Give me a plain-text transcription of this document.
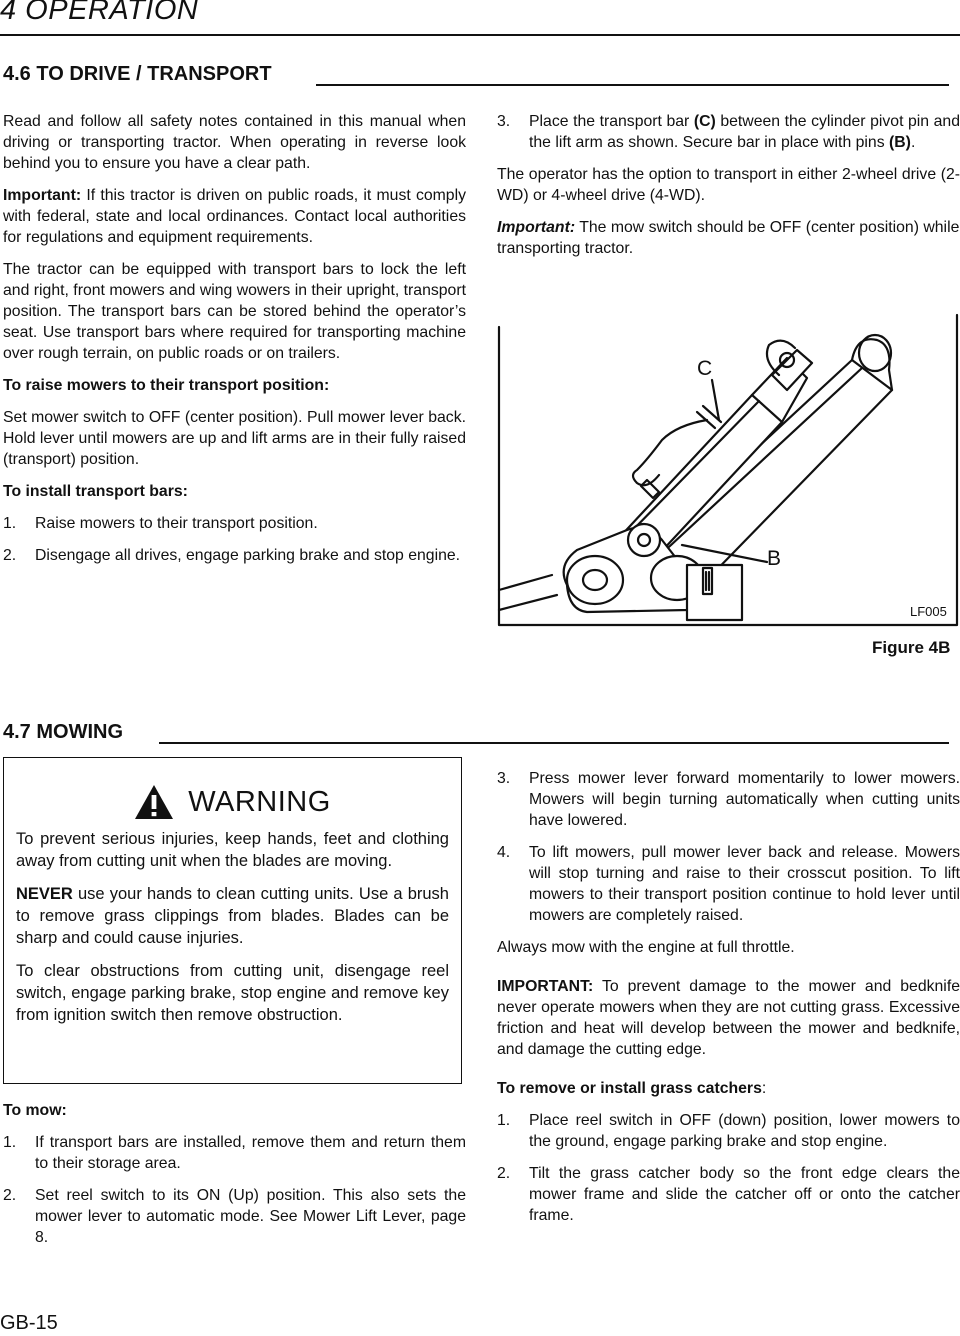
4 OPERATION
4.6 TO DRIVE / TRANSPORT

Read and follow all safety notes contained in this manual when driving or transporting tractor. When operating in reverse look behind you to ensure you have a clear path.

Important: If this tractor is driven on public roads, it must comply with federal, state and local ordinances. Contact local authorities for regulations and equipment requirements.

The tractor can be equipped with transport bars to lock the left and right, front mowers and wing wowers in their upright, transport position. The transport bars can be stored behind the operator’s seat. Use transport bars where required for transporting machine over rough terrain, on public roads or on trailers.

To raise mowers to their transport position:

Set mower switch to OFF (center position). Pull mower lever back. Hold lever until mowers are up and lift arms are in their fully raised (transport) position.

To install transport bars:
1.	Raise mowers to their transport position.
2.	Disengage all drives, engage parking brake and stop engine.
3.	Place the transport bar (C) between the cylinder pivot pin and the lift arm as shown. Secure bar in place with pins (B).

The operator has the option to transport in either 2-wheel drive (2-WD) or 4-wheel drive (4-WD).

Important: The mow switch should be OFF (center position) while transporting tractor.

C
B
LF005
Figure 4B
4.7 MOWING
WARNING

To prevent serious injuries, keep hands, feet and clothing away from cutting unit when the blades are moving.

NEVER use your hands to clean cutting units. Use a brush to remove grass clippings from blades. Blades can be sharp and could cause injuries.

To clear obstructions from cutting unit, disengage reel switch, engage parking brake, stop engine and remove key from ignition switch then remove obstruction.

To mow:
1.	If transport bars are installed, remove them and return them to their storage area.
2.	Set reel switch to its ON (Up) position. This also sets the mower lever to automatic mode. See Mower Lift Lever, page 8.
3.	Press mower lever forward momentarily to lower mowers. Mowers will begin turning automatically when cutting units have lowered.
4.	To lift mowers, pull mower lever back and release. Mowers will stop turning and raise to their crosscut position. To lift mowers to their transport position continue to hold lever until mowers are completely raised.

Always mow with the engine at full throttle.

IMPORTANT: To prevent damage to the mower and bedknife never operate mowers when they are not cutting grass. Excessive friction and heat will develop between the mower and bedknife, and damage the cutting edge.

To remove or install grass catchers:
1.	Place reel switch in OFF (down) position, lower mowers to the ground, engage parking brake and stop engine.
2.	Tilt the grass catcher body so the front edge clears the mower frame and slide the catcher off or onto the catcher frame.
GB-15
